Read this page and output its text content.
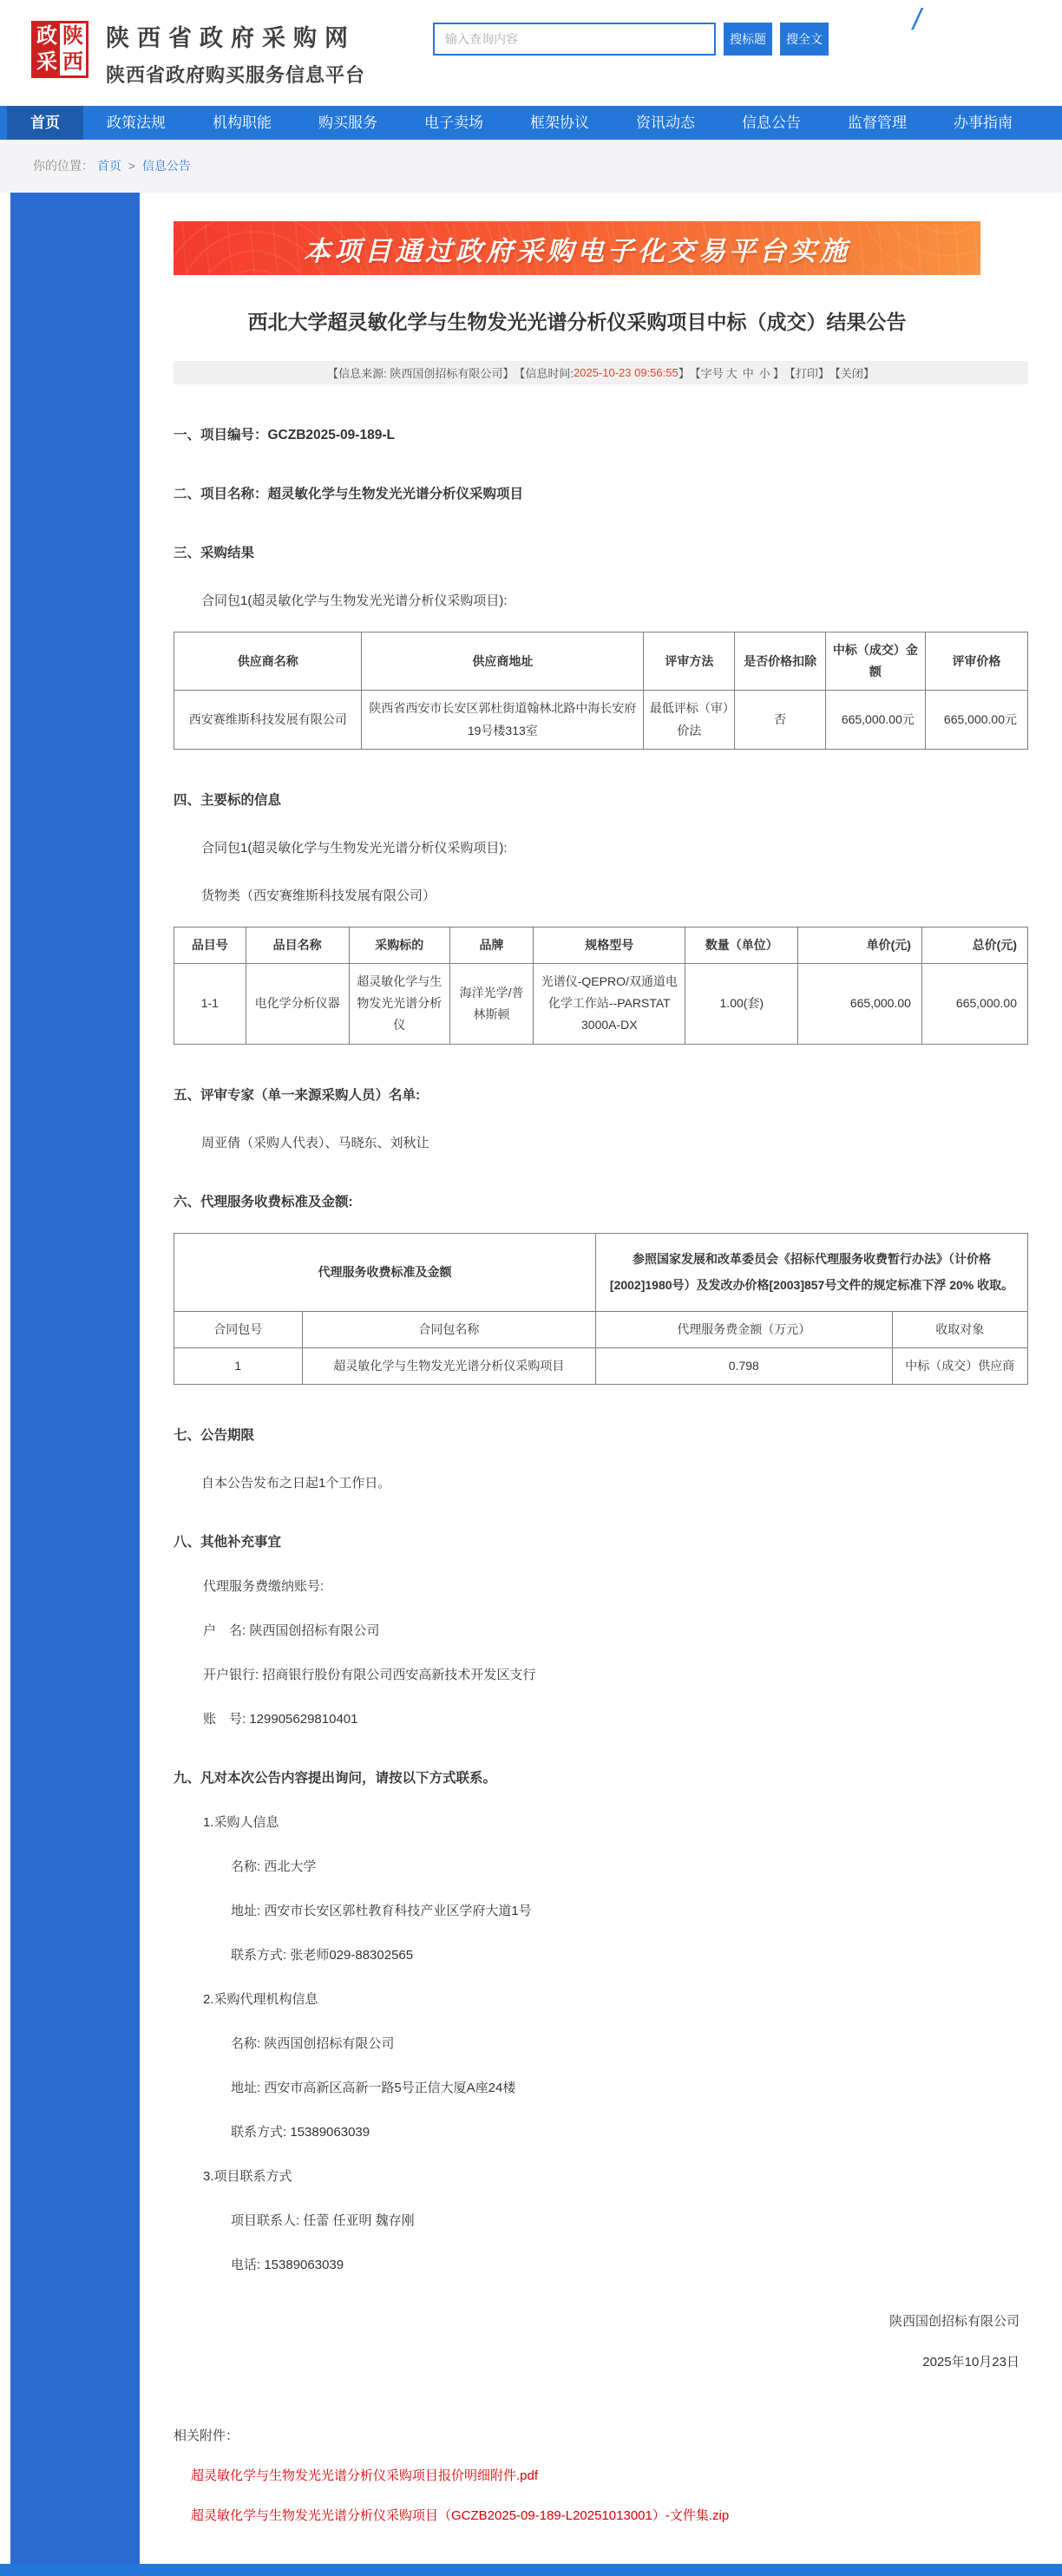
政 陕
采 西
陕西省政府采购网
陕西省政府购买服务信息平台
输入查询内容
搜标题	搜全文
/
首页	政策法规	机构职能	购买服务	电子卖场	框架协议	资讯动态	信息公告	监督管理	办事指南
你的位置： 首页 > 信息公告
本项目通过政府采购电子化交易平台实施
西北大学超灵敏化学与生物发光光谱分析仪采购项目中标（成交）结果公告
【信息来源: 陕西国创招标有限公司】 【信息时间: 2025-10-23 09:56:55 】 【字号 大 中 小 】 【打印】 【关闭】
一、项目编号：GCZB2025-09-189-L
二、项目名称：超灵敏化学与生物发光光谱分析仪采购项目
三、采购结果
合同包1(超灵敏化学与生物发光光谱分析仪采购项目):
供应商名称	供应商地址	评审方法	是否价格扣除	中标（成交）金额	评审价格
西安赛维斯科技发展有限公司	陕西省西安市长安区郭杜街道翰林北路中海长安府19号楼313室	最低评标（审）价法	否	665,000.00元	665,000.00元
四、主要标的信息
合同包1(超灵敏化学与生物发光光谱分析仪采购项目):
货物类（西安赛维斯科技发展有限公司）
品目号	品目名称	采购标的	品牌	规格型号	数量（单位）	单价(元)	总价(元)
1-1	电化学分析仪器	超灵敏化学与生物发光光谱分析仪	海洋光学/普林斯顿	光谱仪-QEPRO/双通道电化学工作站--PARSTAT 3000A-DX	1.00(套)	665,000.00	665,000.00
五、评审专家（单一来源采购人员）名单:
周亚倩（采购人代表）、马晓东、刘秋让
六、代理服务收费标准及金额:
代理服务收费标准及金额		参照国家发展和改革委员会《招标代理服务收费暂行办法》（计价格[2002]1980号）及发改办价格[2003]857号文件的规定标准下浮 20% 收取。	
合同包号	合同包名称	代理服务费金额（万元）	收取对象
1	超灵敏化学与生物发光光谱分析仪采购项目	0.798	中标（成交）供应商
七、公告期限
自本公告发布之日起1个工作日。
八、其他补充事宜
代理服务费缴纳账号:
户　名: 陕西国创招标有限公司
开户银行: 招商银行股份有限公司西安高新技术开发区支行
账　号: 129905629810401
九、凡对本次公告内容提出询问，请按以下方式联系。
1.采购人信息
名称: 西北大学
地址: 西安市长安区郭杜教育科技产业区学府大道1号
联系方式: 张老师029-88302565
2.采购代理机构信息
名称: 陕西国创招标有限公司
地址: 西安市高新区高新一路5号正信大厦A座24楼
联系方式: 15389063039
3.项目联系方式
项目联系人: 任蕾 任亚明 魏存刚
电话: 15389063039
陕西国创招标有限公司
2025年10月23日
相关附件：
超灵敏化学与生物发光光谱分析仪采购项目报价明细附件.pdf
超灵敏化学与生物发光光谱分析仪采购项目（GCZB2025-09-189-L20251013001）-文件集.zip
